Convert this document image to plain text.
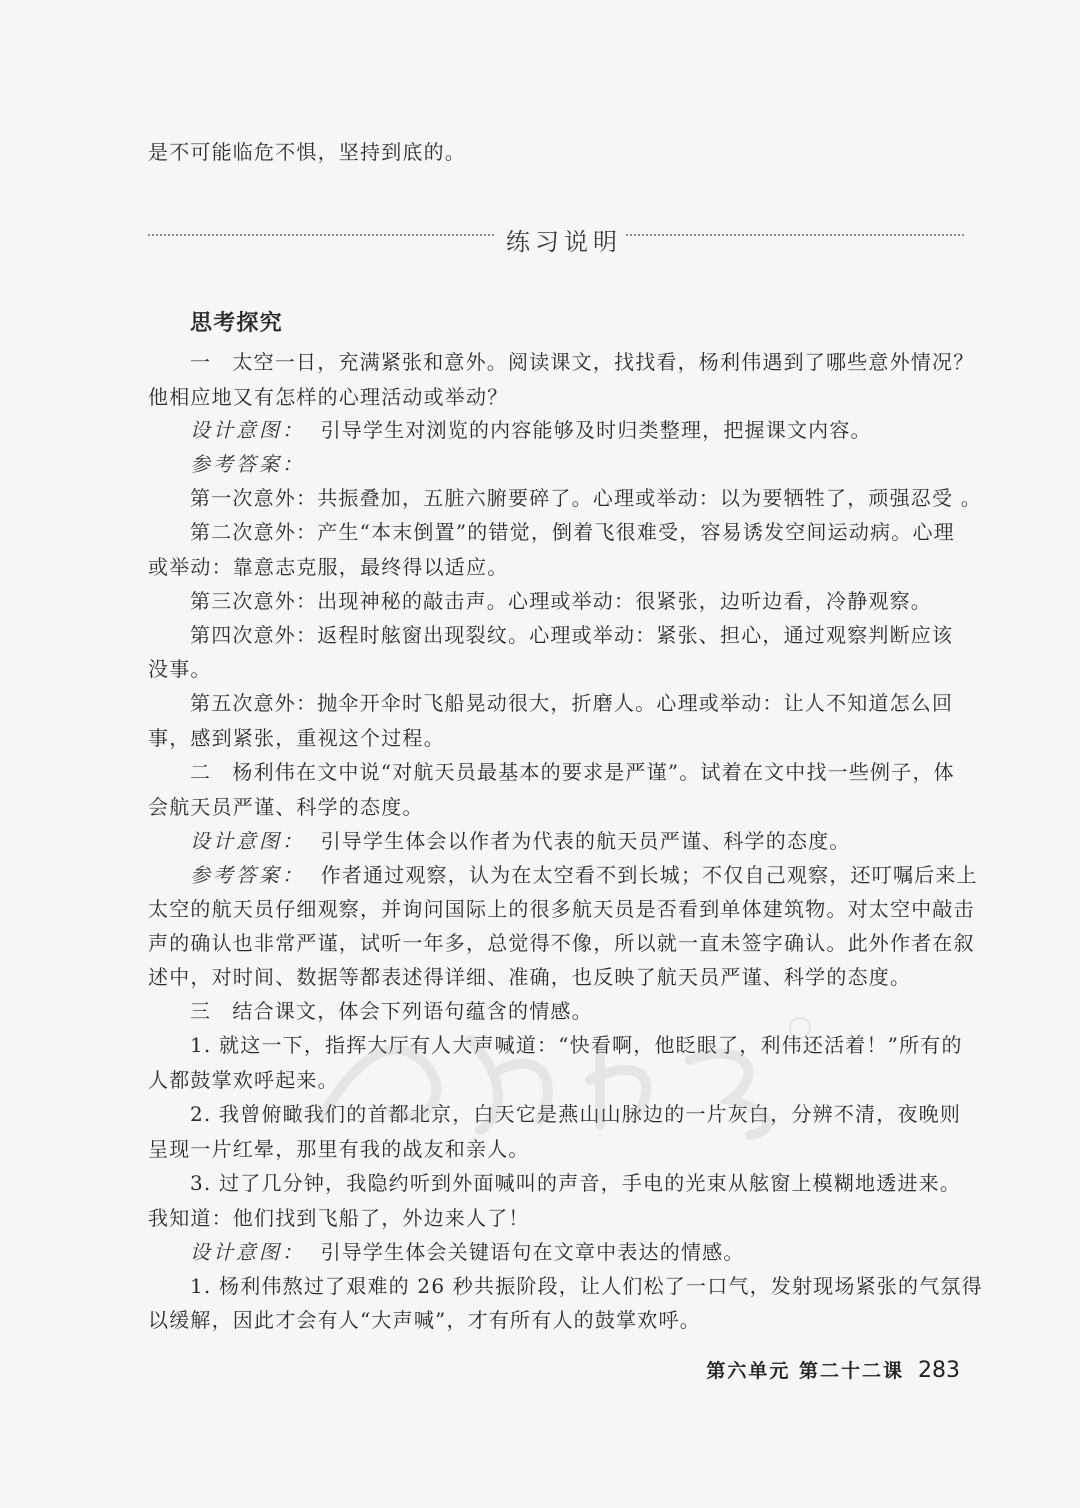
是不可能临危不惧，坚持到底的。
练习说明
思考探究
一　太空一日，充满紧张和意外。阅读课文，找找看，杨利伟遇到了哪些意外情况？
他相应地又有怎样的心理活动或举动？
设计意图： 引导学生对浏览的内容能够及时归类整理，把握课文内容。
参考答案：
第一次意外：共振叠加，五脏六腑要碎了。心理或举动：以为要牺牲了，顽强忍受 。
第二次意外：产生“本末倒置”的错觉，倒着飞很难受，容易诱发空间运动病。心理
或举动：靠意志克服，最终得以适应。
第三次意外：出现神秘的敲击声。心理或举动：很紧张，边听边看，冷静观察。
第四次意外：返程时舷窗出现裂纹。心理或举动：紧张、担心，通过观察判断应该
没事。
第五次意外：抛伞开伞时飞船晃动很大，折磨人。心理或举动：让人不知道怎么回
事，感到紧张，重视这个过程。
二　杨利伟在文中说“对航天员最基本的要求是严谨”。试着在文中找一些例子，体
会航天员严谨、科学的态度。
设计意图： 引导学生体会以作者为代表的航天员严谨、科学的态度。
参考答案： 作者通过观察，认为在太空看不到长城；不仅自己观察，还叮嘱后来上
太空的航天员仔细观察，并询问国际上的很多航天员是否看到单体建筑物。对太空中敲击
声的确认也非常严谨，试听一年多，总觉得不像，所以就一直未签字确认。此外作者在叙
述中，对时间、数据等都表述得详细、准确，也反映了航天员严谨、科学的态度。
三　结合课文，体会下列语句蕴含的情感。
1. 就这一下，指挥大厅有人大声喊道：“快看啊，他眨眼了，利伟还活着！”所有的
人都鼓掌欢呼起来。
2. 我曾俯瞰我们的首都北京，白天它是燕山山脉边的一片灰白，分辨不清，夜晚则
呈现一片红晕，那里有我的战友和亲人。
3. 过了几分钟，我隐约听到外面喊叫的声音，手电的光束从舷窗上模糊地透进来。
我知道：他们找到飞船了，外边来人了！
设计意图： 引导学生体会关键语句在文章中表达的情感。
1. 杨利伟熬过了艰难的 26 秒共振阶段，让人们松了一口气，发射现场紧张的气氛得
以缓解，因此才会有人“大声喊”，才有所有人的鼓掌欢呼。
第六单元 第二十二课 283
